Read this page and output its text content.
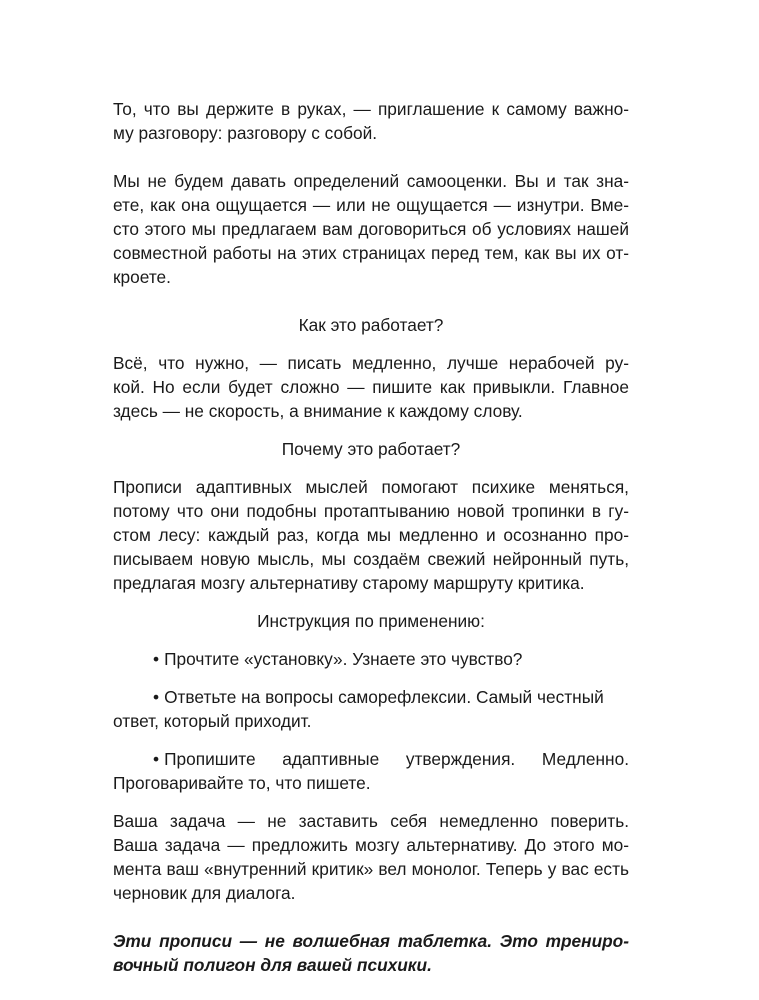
То, что вы держите в руках, — приглашение к самому важно-
му разговору: разговору с собой.

Мы не будем давать определений самооценки. Вы и так зна-
ете, как она ощущается — или не ощущается — изнутри. Вме-
сто этого мы предлагаем вам договориться об условиях нашей
совместной работы на этих страницах перед тем, как вы их от-
кроете.

Как это работает?

Всё, что нужно, — писать медленно, лучше нерабочей ру-
кой. Но если будет сложно — пишите как привыкли. Главное
здесь — не скорость, а внимание к каждому слову.

Почему это работает?

Прописи адаптивных мыслей помогают психике меняться,
потому что они подобны протаптыванию новой тропинки в гу-
стом лесу: каждый раз, когда мы медленно и осознанно про-
писываем новую мысль, мы создаём свежий нейронный путь,
предлагая мозгу альтернативу старому маршруту критика.

Инструкция по применению:

• Прочтите «установку». Узнаете это чувство?

• Ответьте на вопросы саморефлексии. Самый честный
ответ, который приходит.

• Пропишите адаптивные утверждения. Медленно.
Проговаривайте то, что пишете.

Ваша задача — не заставить себя немедленно поверить.
Ваша задача — предложить мозгу альтернативу. До этого мо-
мента ваш «внутренний критик» вел монолог. Теперь у вас есть
черновик для диалога.

Эти прописи — не волшебная таблетка. Это трениро-
вочный полигон для вашей психики.
